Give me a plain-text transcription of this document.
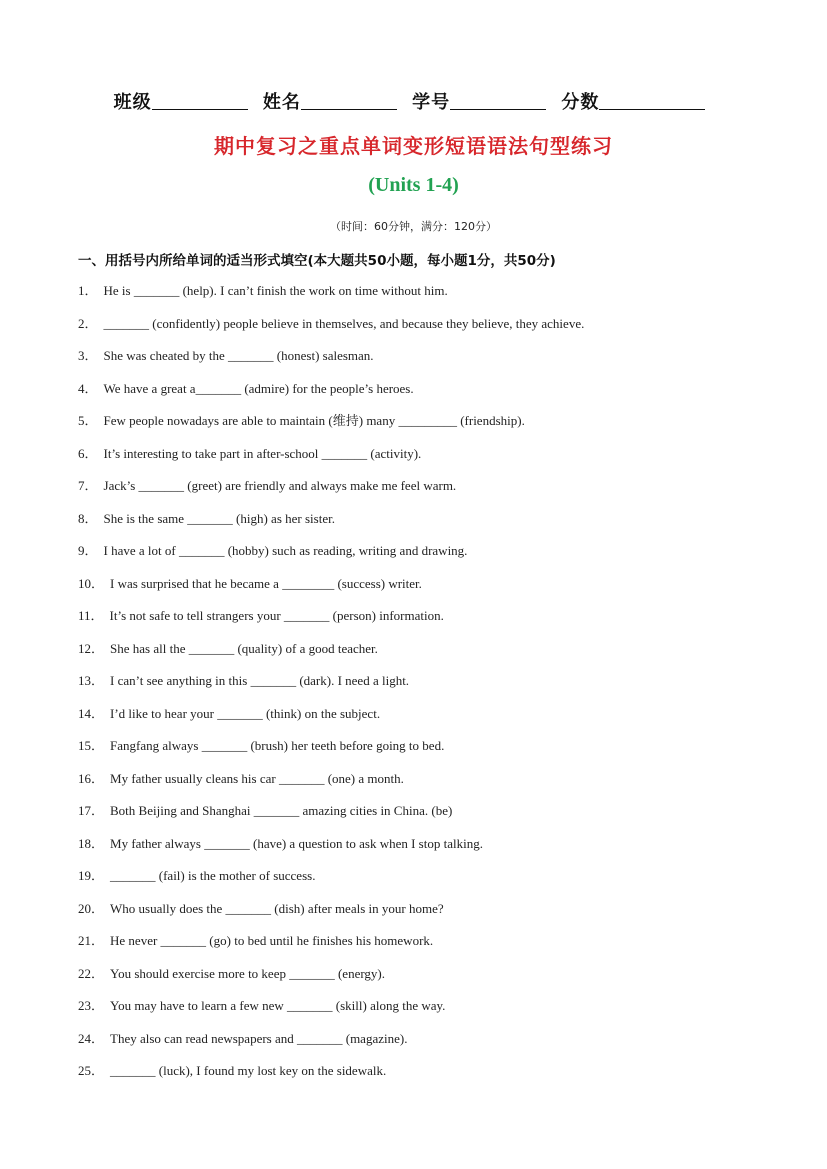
班级	姓名	学号	分数
期中复习之重点单词变形短语语法句型练习
(Units 1-4)
（时间：60分钟，满分：120分）
一、用括号内所给单词的适当形式填空(本大题共50小题，每小题1分，共50分)
1． He is _______ (help). I can’t finish the work on time without him.
2． _______ (confidently) people believe in themselves, and because they believe, they achieve.
3． She was cheated by the _______ (honest) salesman.
4． We have a great a_______ (admire) for the people’s heroes.
5． Few people nowadays are able to maintain (维持) many _________ (friendship).
6． It’s interesting to take part in after-school _______ (activity).
7． Jack’s _______ (greet) are friendly and always make me feel warm.
8． She is the same _______ (high) as her sister.
9． I have a lot of _______ (hobby) such as reading, writing and drawing.
10． I was surprised that he became a ________ (success) writer.
11． It’s not safe to tell strangers your _______ (person) information.
12． She has all the _______ (quality) of a good teacher.
13． I can’t see anything in this _______ (dark). I need a light.
14． I’d like to hear your _______ (think) on the subject.
15． Fangfang always _______ (brush) her teeth before going to bed.
16． My father usually cleans his car _______ (one) a month.
17． Both Beijing and Shanghai _______ amazing cities in China. (be)
18． My father always _______ (have) a question to ask when I stop talking.
19． _______ (fail) is the mother of success.
20． Who usually does the _______ (dish) after meals in your home?
21． He never _______ (go) to bed until he finishes his homework.
22． You should exercise more to keep _______ (energy).
23． You may have to learn a few new _______ (skill) along the way.
24． They also can read newspapers and _______ (magazine).
25． _______ (luck), I found my lost key on the sidewalk.
